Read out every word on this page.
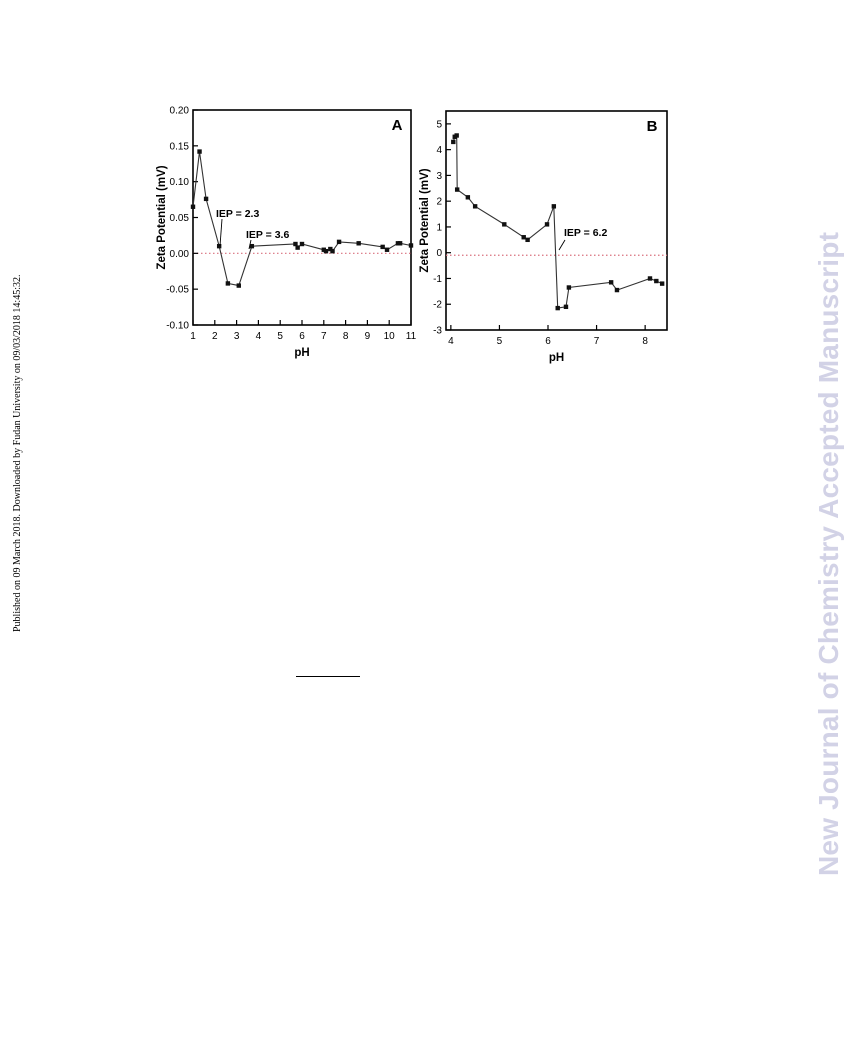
Published on 09 March 2018. Downloaded by Fudan University on 09/03/2018 14:45:32.	New Journal of Chemistry Accepted Manuscript
1 2 3 4 5 6 7 8 9 10 11
-0.10
-0.05
0.00
0.05
0.10
0.15
0.20
pH
Zeta Potential (mV)
A
IEP = 2.3
IEP = 3.6
4	5	6	7	8
-3
-2
-1
0
1
2
3
4
5
pH
Zeta Potential (mV)
B
IEP = 6.2
